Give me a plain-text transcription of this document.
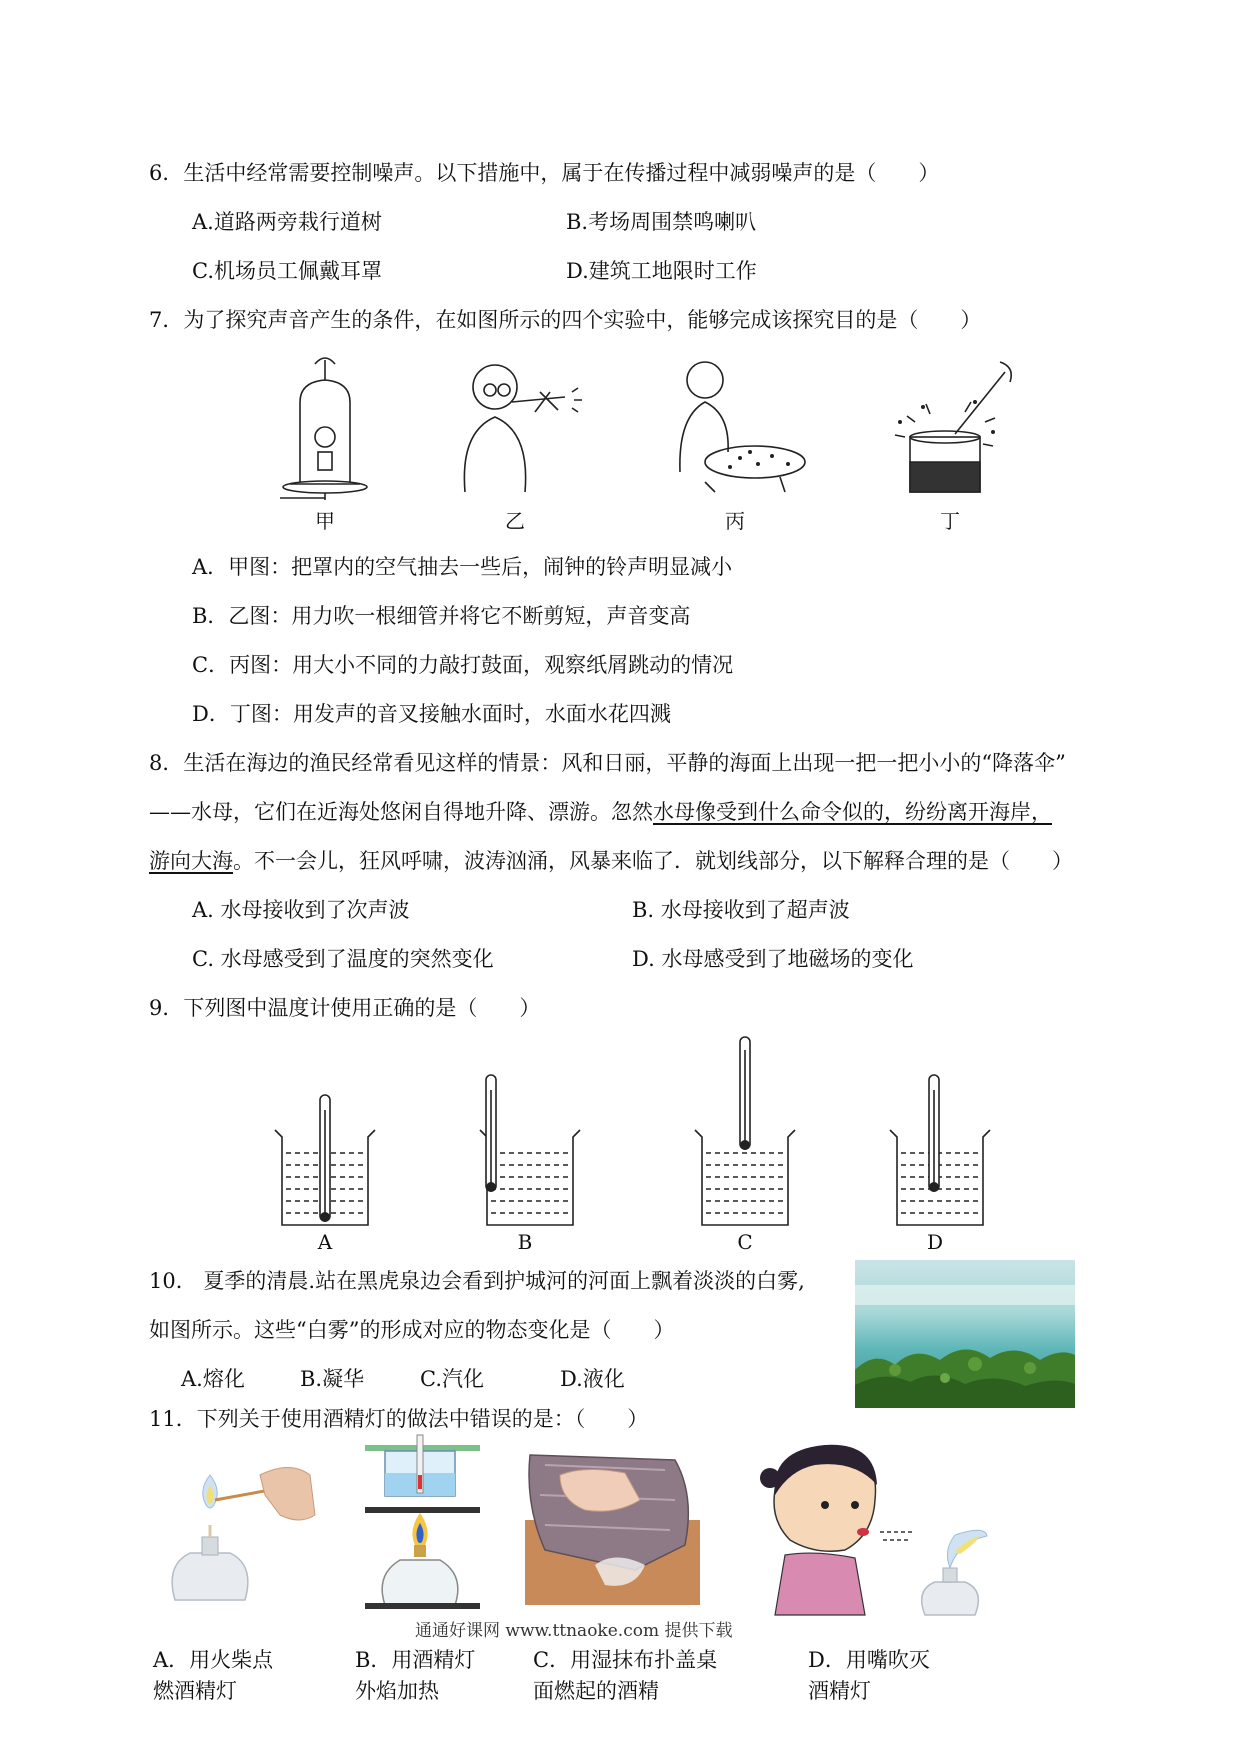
6．生活中经常需要控制噪声。以下措施中，属于在传播过程中减弱噪声的是（　　）
A.道路两旁栽行道树	B.考场周围禁鸣喇叭
C.机场员工佩戴耳罩	D.建筑工地限时工作
7．为了探究声音产生的条件，在如图所示的四个实验中，能够完成该探究目的是（　　）
甲	乙	丙	丁
A．甲图：把罩内的空气抽去一些后，闹钟的铃声明显减小
B．乙图：用力吹一根细管并将它不断剪短，声音变高
C．丙图：用大小不同的力敲打鼓面，观察纸屑跳动的情况
D．丁图：用发声的音叉接触水面时，水面水花四溅
8．生活在海边的渔民经常看见这样的情景：风和日丽，平静的海面上出现一把一把小小的“降落伞”
——水母，它们在近海处悠闲自得地升降、漂游。忽然水母像受到什么命令似的，纷纷离开海岸，
游向大海。不一会儿，狂风呼啸，波涛汹涌，风暴来临了．就划线部分，以下解释合理的是（　　）
A. 水母接收到了次声波	B. 水母接收到了超声波
C. 水母感受到了温度的突然变化	D. 水母感受到了地磁场的变化
9．下列图中温度计使用正确的是（　　）
A	B	C	D
10． 夏季的清晨.站在黑虎泉边会看到护城河的河面上飘着淡淡的白雾,
如图所示。这些“白雾”的形成对应的物态变化是（　　）
A.熔化	B.凝华	C.汽化	D.液化
11．下列关于使用酒精灯的做法中错误的是：（　　）
通通好课网 www.ttnaoke.com 提供下载
A．用火柴点
燃酒精灯
B．用酒精灯
外焰加热
C．用湿抹布扑盖桌
面燃起的酒精
D．用嘴吹灭
酒精灯
